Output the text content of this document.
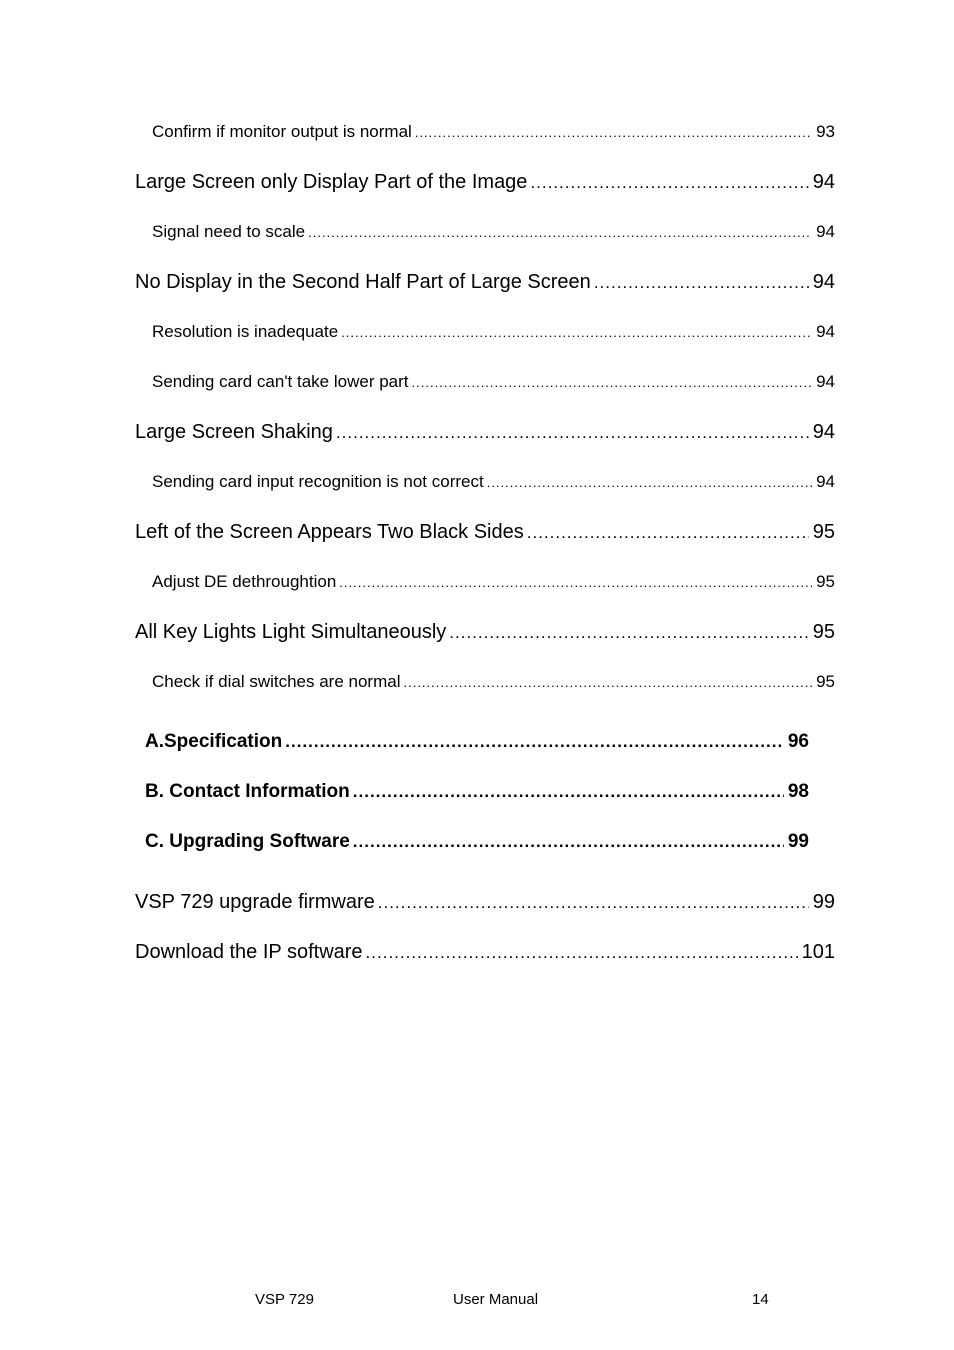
Confirm if monitor output is normal .....	93
Large Screen only Display Part of the Image .....	94
Signal need to scale .....	94
No Display in the Second Half Part of Large Screen .....	94
Resolution is inadequate .....	94
Sending card can't take lower part .....	94
Large Screen Shaking .....	94
Sending card input recognition is not correct .....	94
Left of the Screen Appears Two Black Sides .....	95
Adjust DE dethroughtion .....	95
All Key Lights Light Simultaneously .....	95
Check if dial switches are normal .....	95
A.Specification .....	96
B. Contact Information .....	98
C. Upgrading Software .....	99
VSP 729 upgrade firmware .....	99
Download the IP software .....	101
VSP 729	User Manual	14
